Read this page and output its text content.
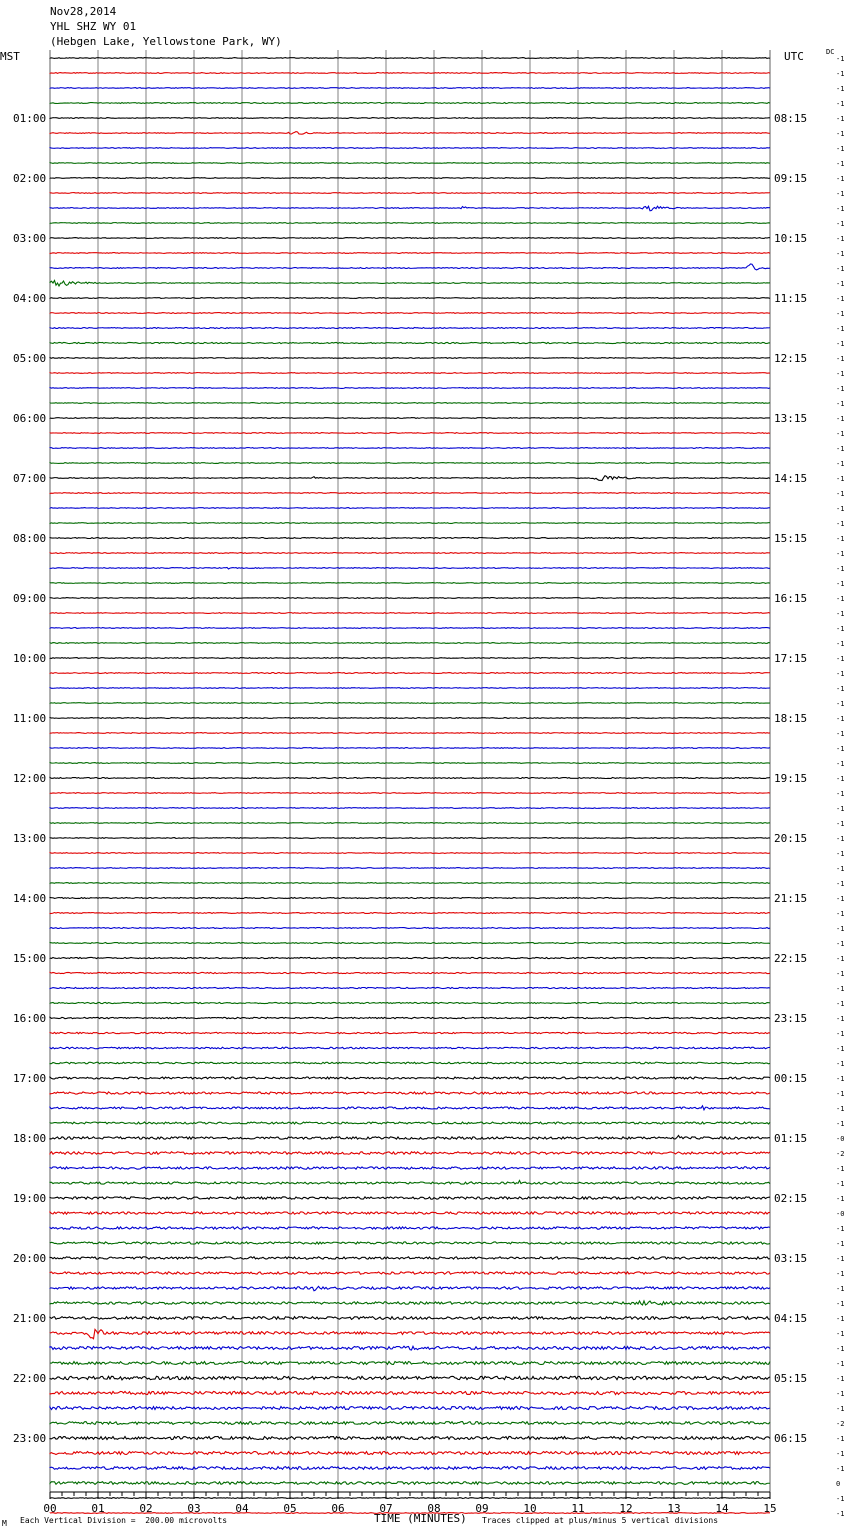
Nov28,2014
YHL SHZ WY 01
(Hebgen Lake, Yellowstone Park, WY)
MST	UTC	DC
00	01	02	03	04	05	06	07	08	09	10	11	12	13	14	15
-1
-1
-1
-1
-1
-1
-1
-1
-1
-1
-1
-1
-1
-1
-1
-1
-1
-1
-1
-1
-1
-1
-1
-1
-1
-1
-1
-1
-1
-1
-1
-1
-1
-1
-1
-1
-1
-1
-1
-1
-1
-1
-1
-1
-1
-1
-1
-1
-1
-1
-1
-1
-1
-1
-1
-1
-1
-1
-1
-1
-1
-1
-1
-1
-1
-1
-1
-1
-1
-1
-1
-1
-0
-2
-1
-1
-1
-0
-1
-1
-1
-1
-1
-1
-1
-1
-1
-1
-1
-1
-1
-2
-1
-1
-1
0
-1
-1
01:00	08:15
02:00	09:15
03:00	10:15
04:00	11:15
05:00	12:15
06:00	13:15
07:00	14:15
08:00	15:15
09:00	16:15
10:00	17:15
11:00	18:15
12:00	19:15
13:00	20:15
14:00	21:15
15:00	22:15
16:00	23:15
17:00	00:15
18:00	01:15
19:00	02:15
20:00	03:15
21:00	04:15
22:00	05:15
23:00	06:15
M Each Vertical Division =  200.00 microvolts	TIME (MINUTES) Traces clipped at plus/minus 5 vertical divisions
